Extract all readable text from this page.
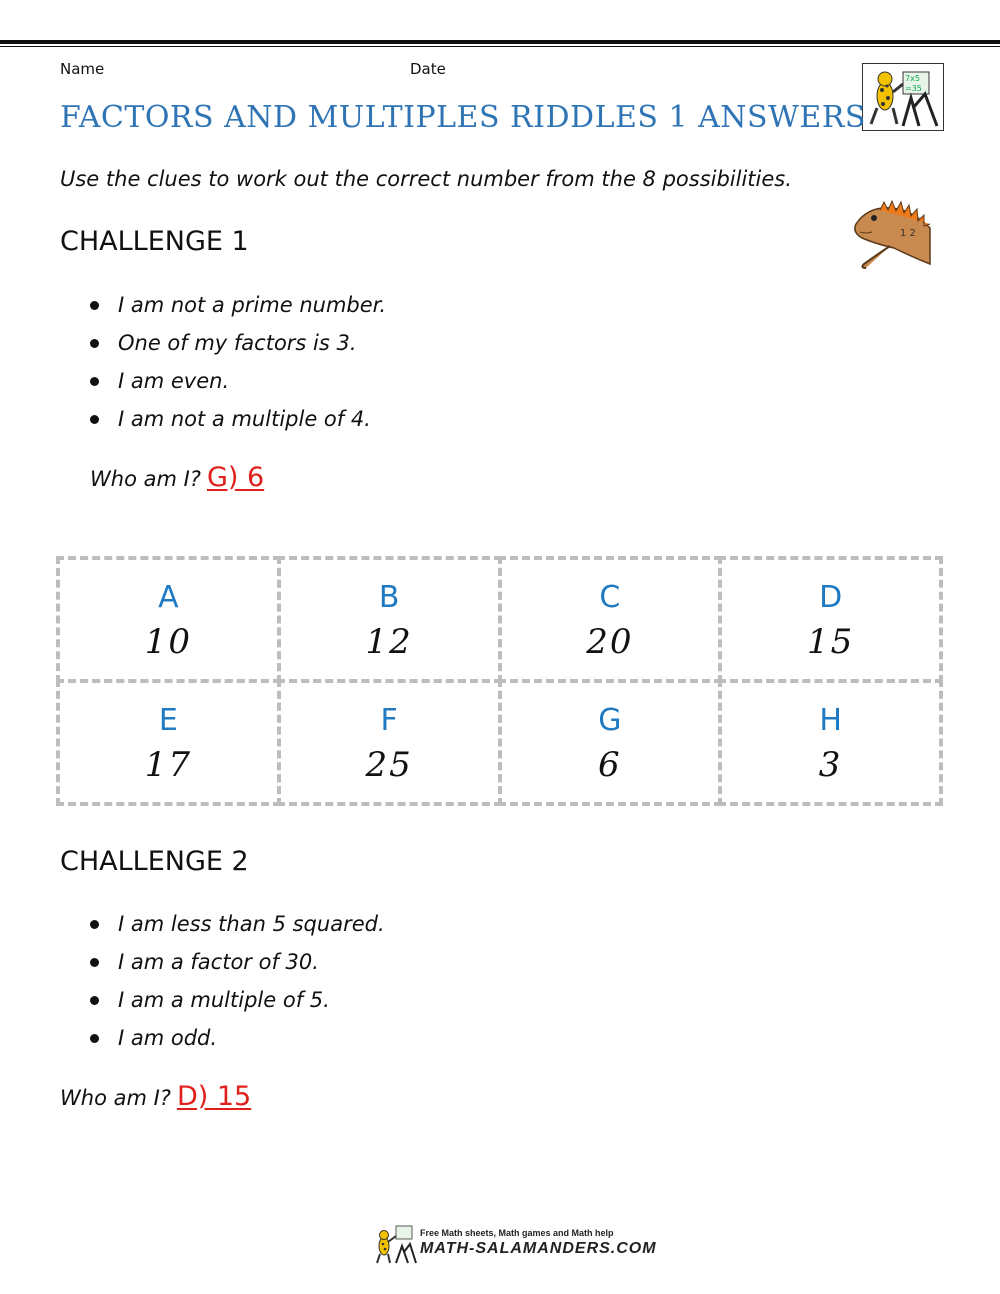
Name	Date
7x5
=35
FACTORS AND MULTIPLES RIDDLES 1 ANSWERS
Use the clues to work out the correct number from the 8 possibilities.
1 2
CHALLENGE 1
I am not a prime number.
One of my factors is 3.
I am even.
I am not a multiple of 4.
Who am I? G) 6
A
10
B
12
C
20
D
15
E
17
F
25
G
6
H
3
CHALLENGE 2
I am less than 5 squared.
I am a factor of 30.
I am a multiple of 5.
I am odd.
Who am I? D) 15
Free Math sheets, Math games and Math help
MATH-SALAMANDERS.COM
